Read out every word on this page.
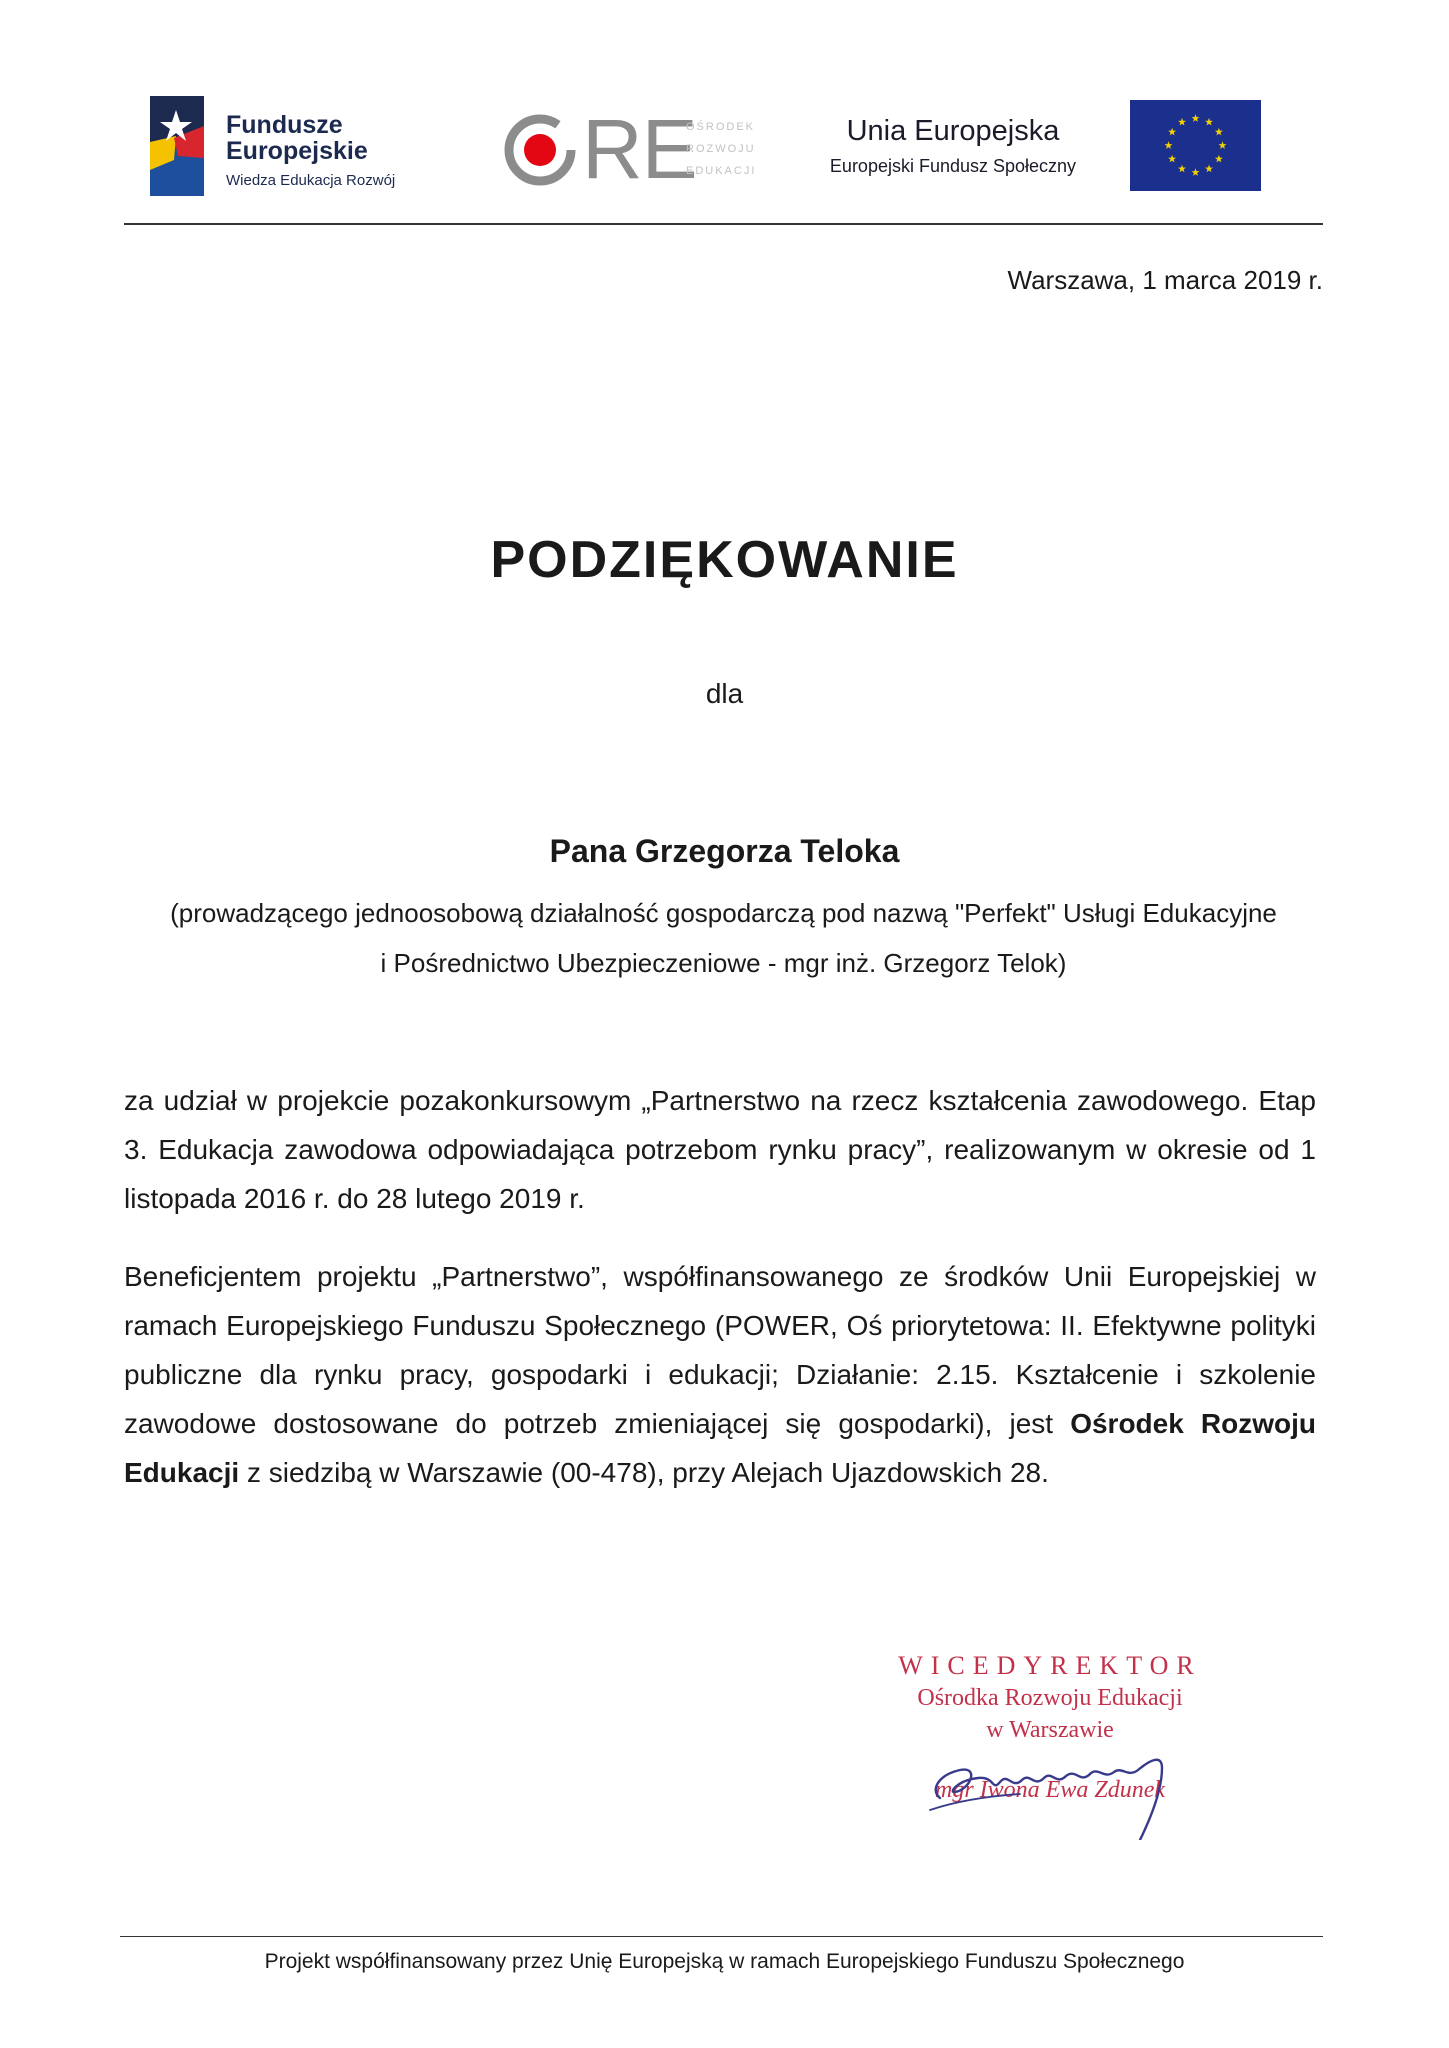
Fundusze
Europejskie
Wiedza Edukacja Rozwój RE
OŚRODEK
ROZWOJU
EDUKACJI
Unia Europejska
Europejski Fundusz Społeczny
Warszawa, 1 marca 2019 r.
PODZIĘKOWANIE
dla
Pana Grzegorza Teloka
(prowadzącego jednoosobową działalność gospodarczą pod nazwą "Perfekt" Usługi Edukacyjne
i Pośrednictwo Ubezpieczeniowe - mgr inż. Grzegorz Telok)
za udział w projekcie pozakonkursowym „Partnerstwo na rzecz kształcenia zawodowego. Etap 3. Edukacja zawodowa odpowiadająca potrzebom rynku pracy”, realizowanym w okresie od 1 listopada 2016 r. do 28 lutego 2019 r.
Beneficjentem projektu „Partnerstwo”, współfinansowanego ze środków Unii Europejskiej w ramach Europejskiego Funduszu Społecznego (POWER, Oś priorytetowa: II. Efektywne polityki publiczne dla rynku pracy, gospodarki i edukacji; Działanie: 2.15. Kształcenie i szkolenie zawodowe dostosowane do potrzeb zmieniającej się gospodarki), jest Ośrodek Rozwoju Edukacji z siedzibą w Warszawie (00-478), przy Alejach Ujazdowskich 28.
WICEDYREKTOR
Ośrodka Rozwoju Edukacji
w Warszawie
mgr Iwona Ewa Zdunek
Projekt współfinansowany przez Unię Europejską w ramach Europejskiego Funduszu Społecznego
